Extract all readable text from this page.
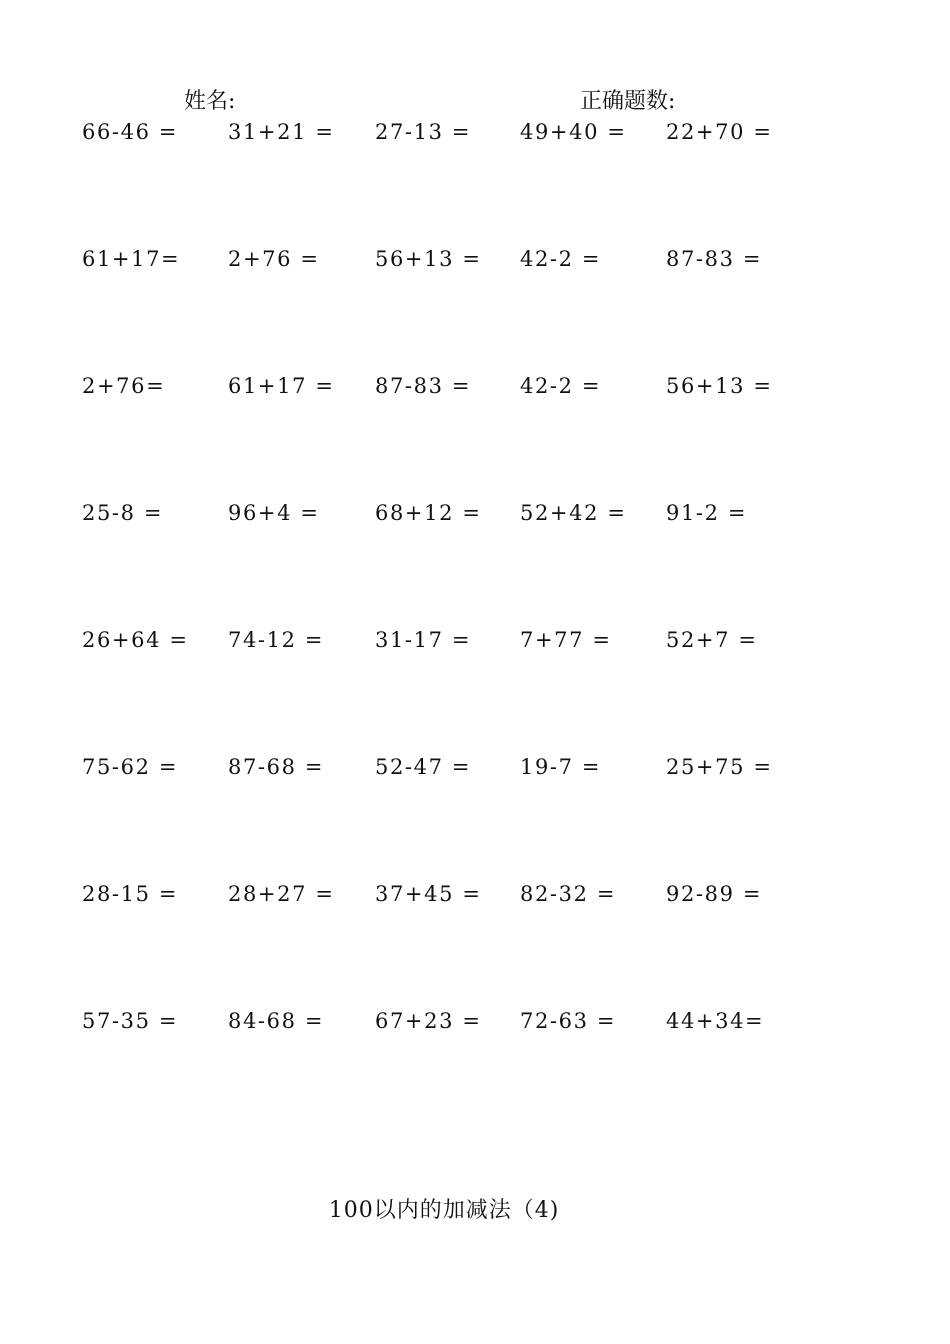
姓名:	正确题数:
66-46 = 31+21 = 27-13 = 49+40 = 22+70 =
61+17= 2+76 =	56+13 = 42-2 =	87-83 =
2+76=	61+17 = 87-83 = 42-2 =	56+13 =
25-8 =	96+4 =	68+12 = 52+42 = 91-2 =
26+64 = 74-12 = 31-17 = 7+77 =	52+7 =
75-62 = 87-68 = 52-47 = 19-7 =	25+75 =
28-15 = 28+27 = 37+45 = 82-32 = 92-89 =
57-35 = 84-68 = 67+23 = 72-63 = 44+34=
100以内的加减法（4)
